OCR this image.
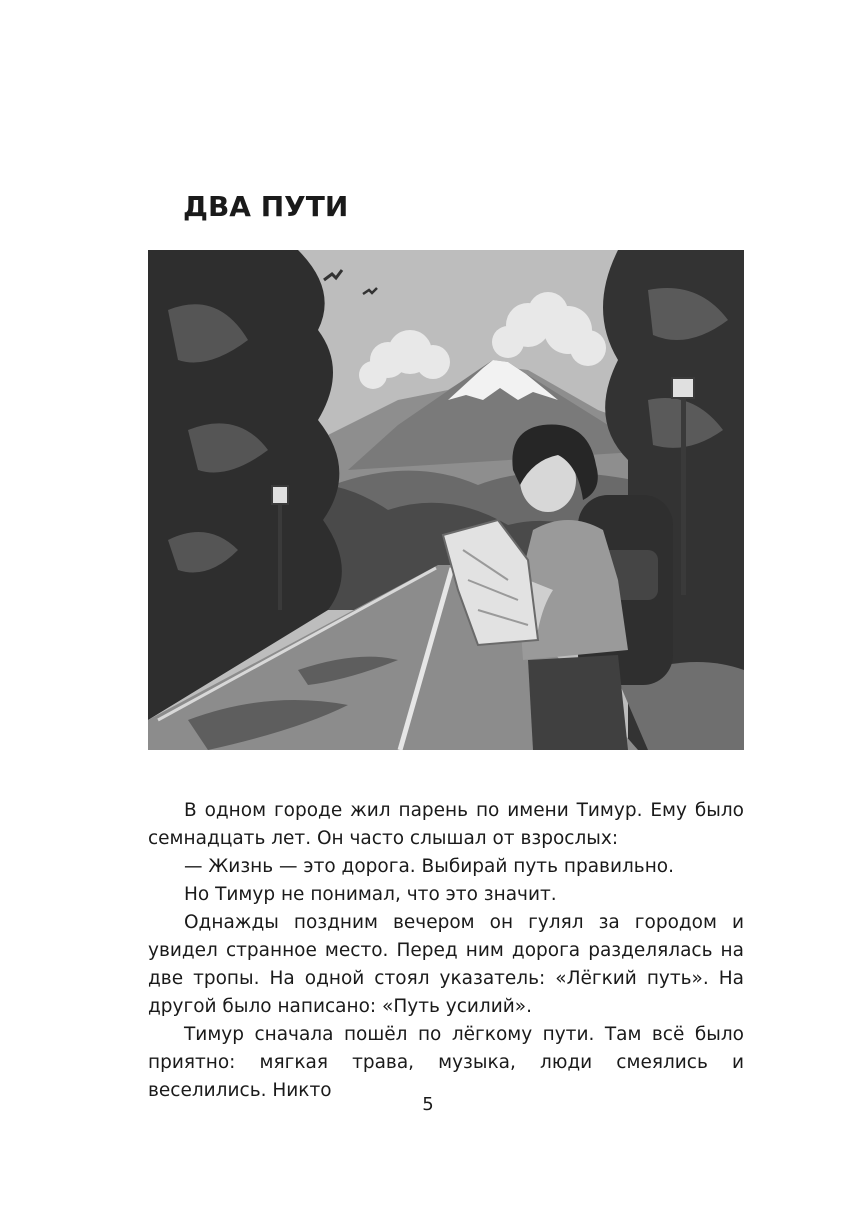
ДВА ПУТИ

В одном городе жил парень по имени Тимур. Ему было семнадцать лет. Он часто слышал от взрослых:

— Жизнь — это дорога. Выбирай путь правильно.

Но Тимур не понимал, что это значит.

Однажды поздним вечером он гулял за городом и увидел странное место. Перед ним дорога разделялась на две тропы. На одной стоял указатель: «Лёгкий путь». На другой было написано: «Путь усилий».

Тимур сначала пошёл по лёгкому пути. Там всё было приятно: мягкая трава, музыка, люди смеялись и веселились. Никто

5
